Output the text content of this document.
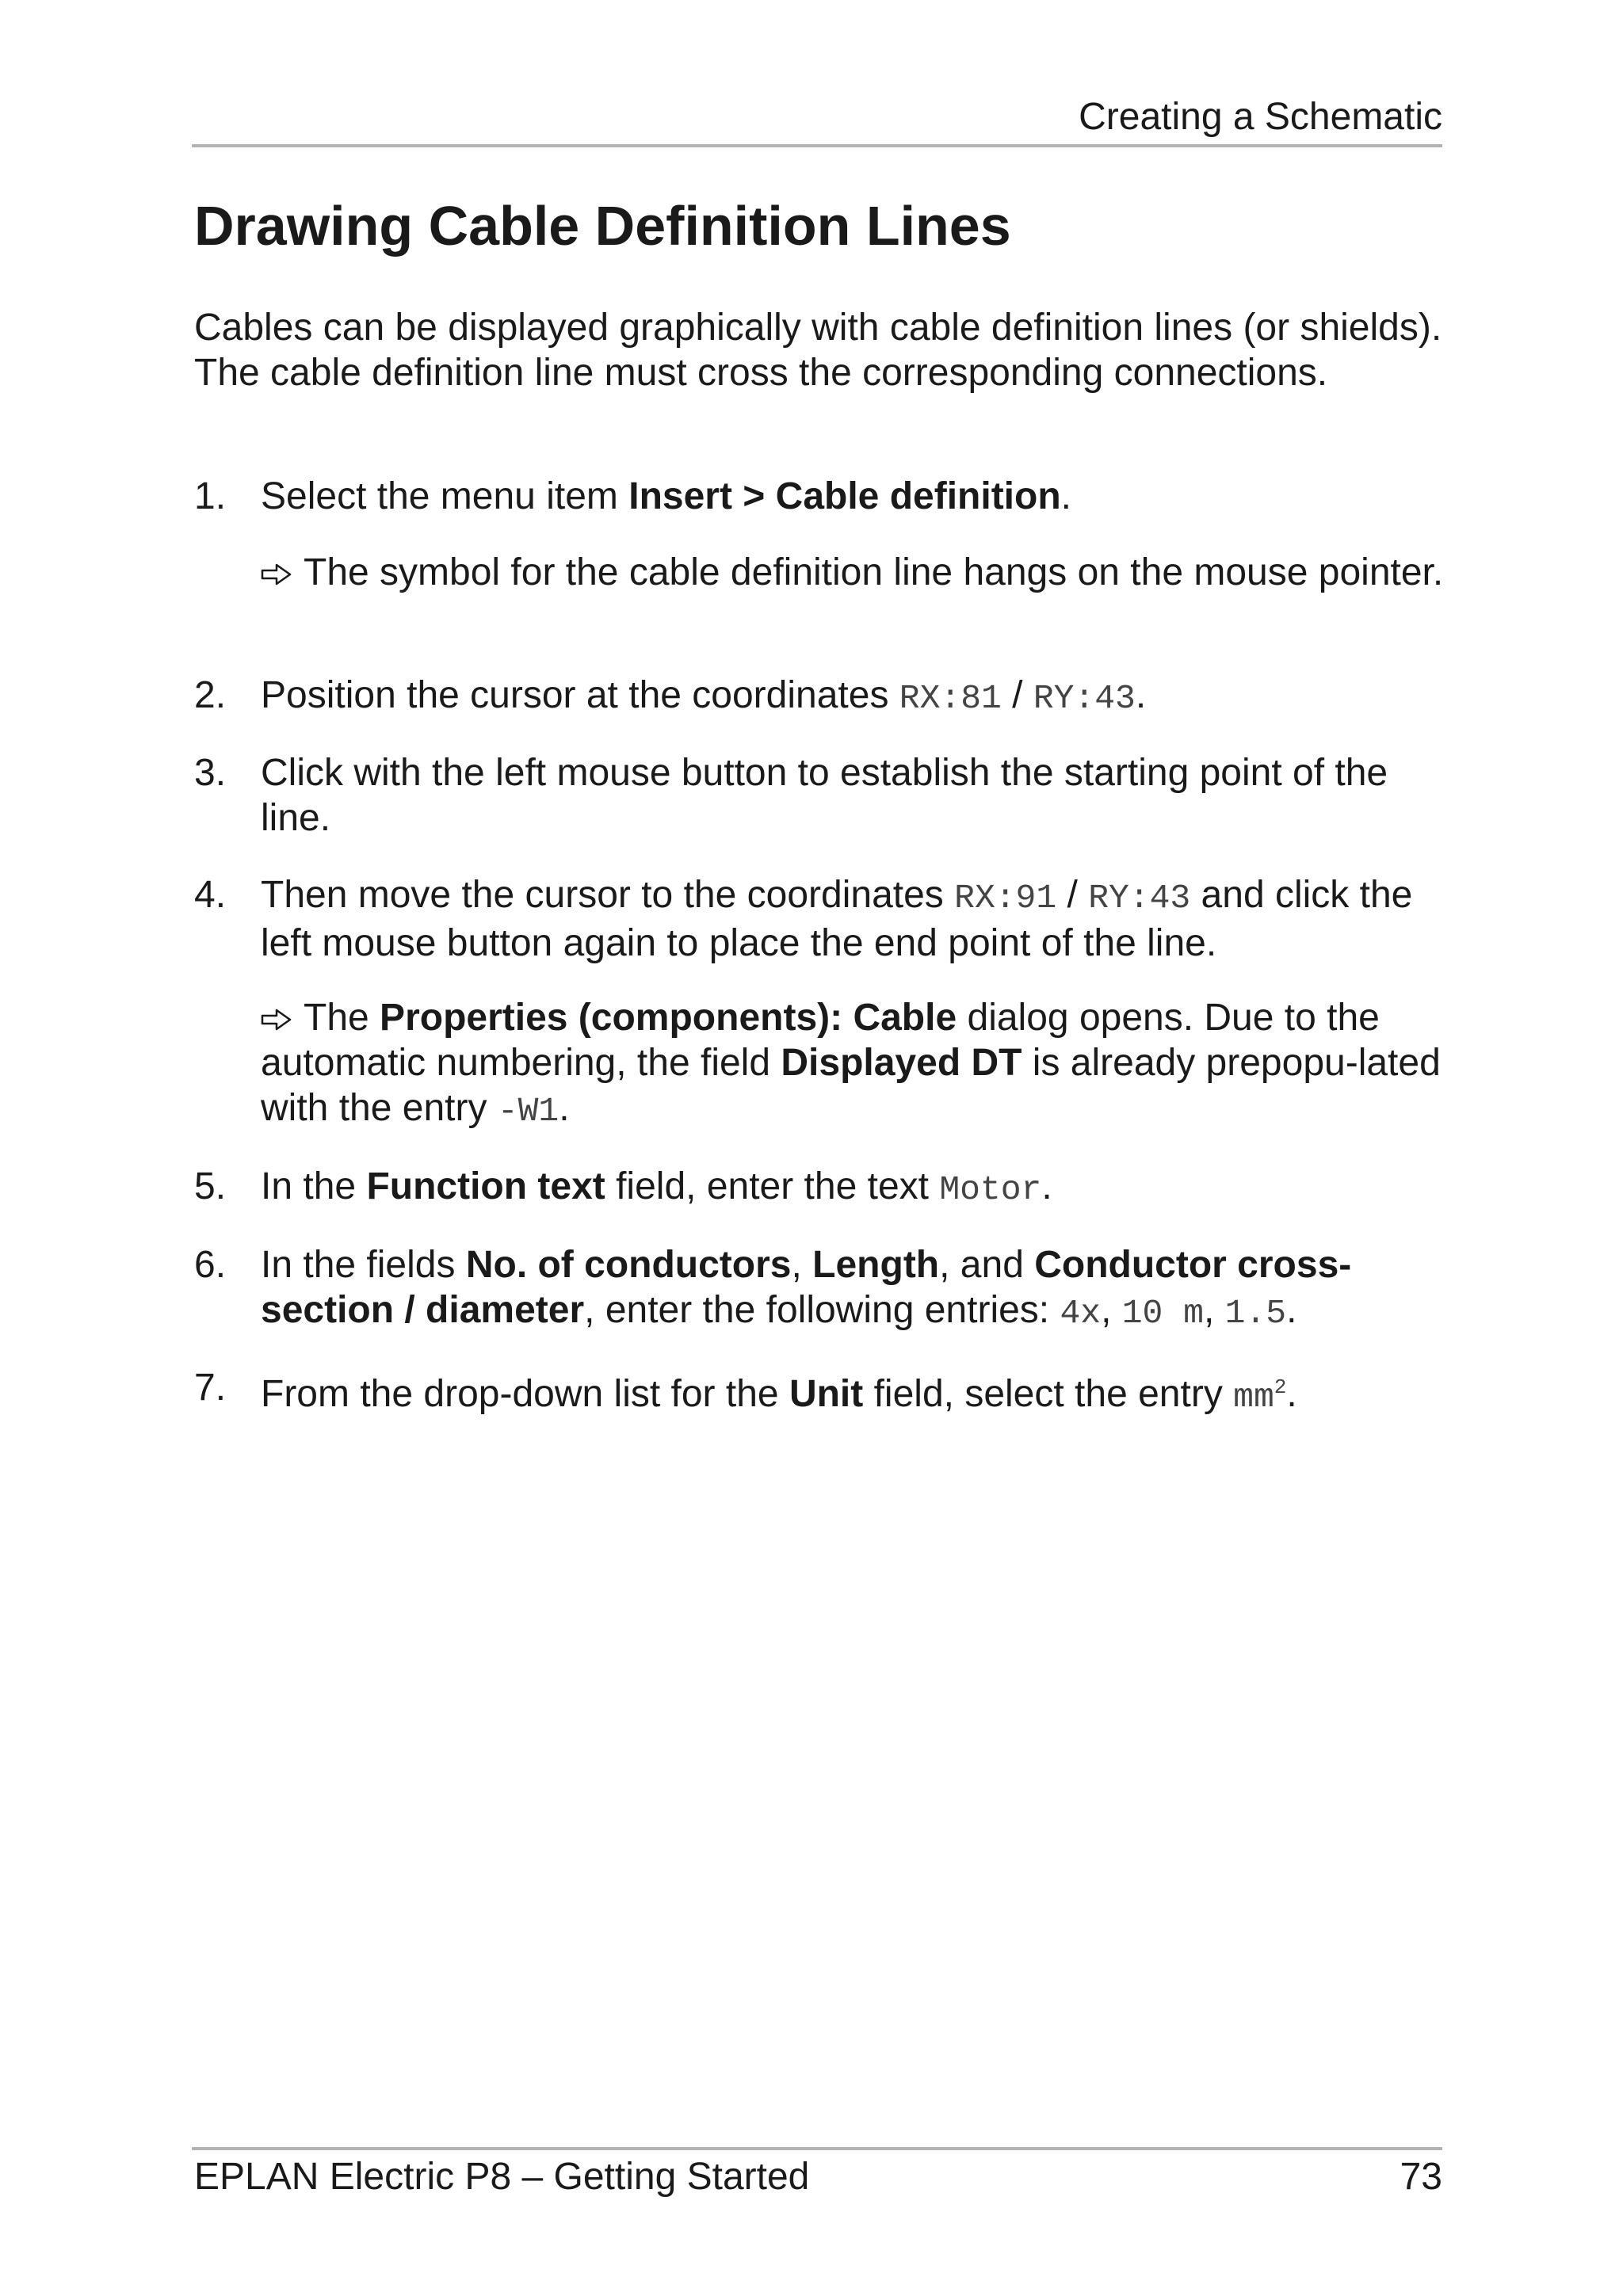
Creating a Schematic
Drawing Cable Definition Lines

Cables can be displayed graphically with cable definition lines (or shields). The cable definition line must cross the corresponding connections.

1. Select the menu item Insert > Cable definition.
The symbol for the cable definition line hangs on the mouse pointer.
2. Position the cursor at the coordinates RX:81 / RY:43.
3. Click with the left mouse button to establish the starting point of the line.
4. Then move the cursor to the coordinates RX:91 / RY:43 and click the left mouse button again to place the end point of the line.
The Properties (components): Cable dialog opens. Due to the automatic numbering, the field Displayed DT is already prepopu-lated with the entry -W1.
5. In the Function text field, enter the text Motor.
6. In the fields No. of conductors, Length, and Conductor cross-section / diameter, enter the following entries: 4x, 10 m, 1.5.
7. From the drop-down list for the Unit field, select the entry $mm^2$.
EPLAN Electric P8 – Getting Started	73
